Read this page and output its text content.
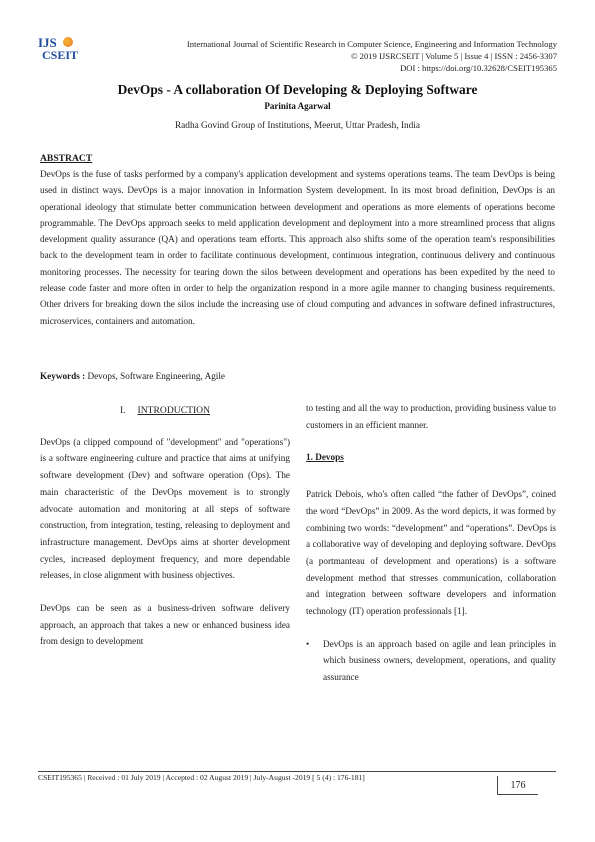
IJS
CSEIT
International Journal of Scientific Research in Computer Science, Engineering and Information Technology
© 2019 IJSRCSEIT | Volume 5 | Issue 4 | ISSN : 2456-3307
DOI : https://doi.org/10.32628/CSEIT195365
DevOps - A collaboration Of Developing & Deploying Software
Parinita Agarwal
Radha Govind Group of Institutions, Meerut, Uttar Pradesh, India
ABSTRACT
DevOps is the fuse of tasks performed by a company's application development and systems operations teams. The team DevOps is being used in distinct ways. DevOps is a major innovation in Information System development. In its most broad definition, DevOps is an operational ideology that stimulate better communication between development and operations as more elements of operations become programmable. The DevOps approach seeks to meld application development and deployment into a more streamlined process that aligns development quality assurance (QA) and operations team efforts. This approach also shifts some of the operation team's responsibilities back to the development team in order to facilitate continuous development, continuous integration, continuous delivery and continuous monitoring processes. The necessity for tearing down the silos between development and operations has been expedited by the need to release code faster and more often in order to help the organization respond in a more agile manner to changing business requirements. Other drivers for breaking down the silos include the increasing use of cloud computing and advances in software defined infrastructures, microservices, containers and automation.
Keywords : Devops, Software Engineering, Agile
I. INTRODUCTION

DevOps (a clipped compound of "development" and "operations") is a software engineering culture and practice that aims at unifying software development (Dev) and software operation (Ops). The main characteristic of the DevOps movement is to strongly advocate automation and monitoring at all steps of software construction, from integration, testing, releasing to deployment and infrastructure management. DevOps aims at shorter development cycles, increased deployment frequency, and more dependable releases, in close alignment with business objectives.

DevOps can be seen as a business-driven software delivery approach, an approach that takes a new or enhanced business idea from design to development

to testing and all the way to production, providing business value to customers in an efficient manner.

1. Devops

Patrick Debois, who's often called “the father of DevOps”, coined the word “DevOps” in 2009. As the word depicts, it was formed by combining two words: “development” and “operations”. DevOps is a collaborative way of developing and deploying software. DevOps (a portmanteau of development and operations) is a software development method that stresses communication, collaboration and integration between software developers and information technology (IT) operation professionals [1].

•	DevOps is an approach based on agile and lean principles in which business owners, development, operations, and quality assurance
CSEIT195365 | Received : 01 July 2019 | Accepted : 02 August 2019 | July-August -2019 [ 5 (4) : 176-181]
176
